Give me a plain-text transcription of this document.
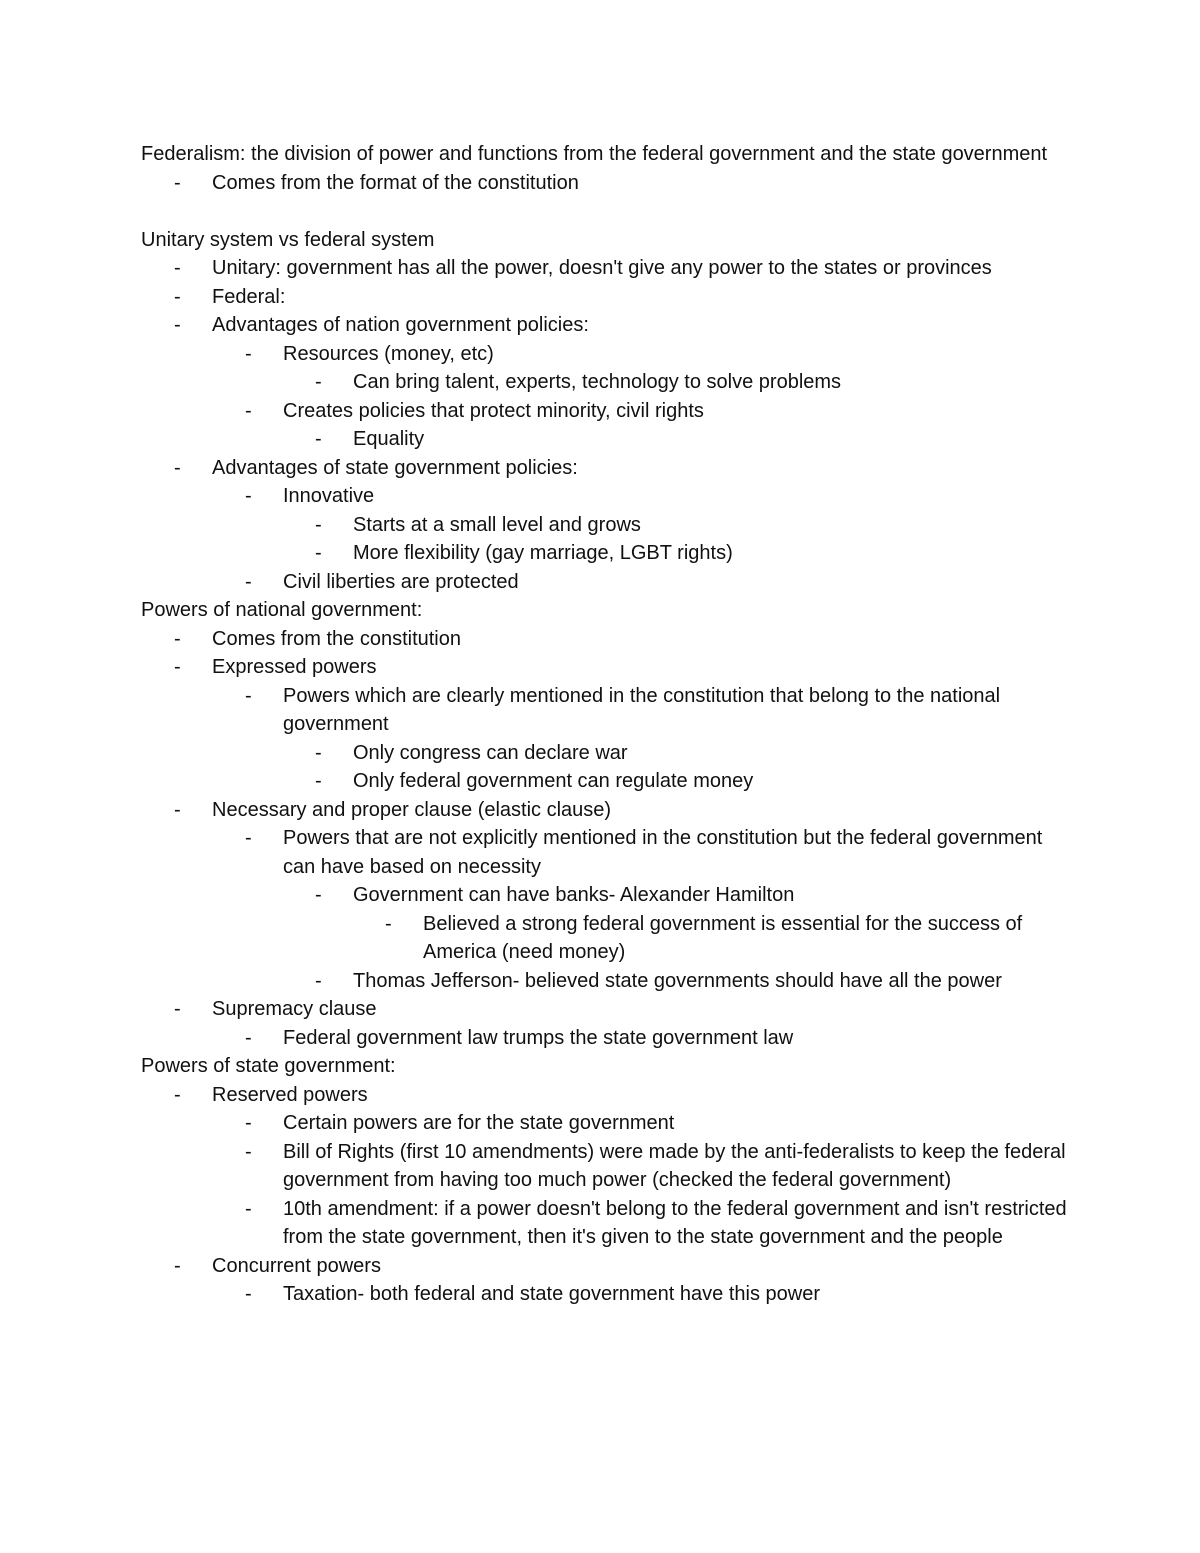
Federalism: the division of power and functions from the federal government and the state government

- Comes from the format of the constitution

Unitary system vs federal system

- Unitary: government has all the power, doesn't give any power to the states or provinces
- Federal:
- Advantages of nation government policies:
- Resources (money, etc)
- Can bring talent, experts, technology to solve problems
- Creates policies that protect minority, civil rights
- Equality
- Advantages of state government policies:
- Innovative
- Starts at a small level and grows
- More flexibility (gay marriage, LGBT rights)
- Civil liberties are protected

Powers of national government:

- Comes from the constitution
- Expressed powers
- Powers which are clearly mentioned in the constitution that belong to the national government
- Only congress can declare war
- Only federal government can regulate money
- Necessary and proper clause (elastic clause)
- Powers that are not explicitly mentioned in the constitution but the federal government can have based on necessity
- Government can have banks- Alexander Hamilton
- Believed a strong federal government is essential for the success of America (need money)
- Thomas Jefferson- believed state governments should have all the power
- Supremacy clause
- Federal government law trumps the state government law

Powers of state government:

- Reserved powers
- Certain powers are for the state government
- Bill of Rights (first 10 amendments) were made by the anti-federalists to keep the federal government from having too much power (checked the federal government)
- 10th amendment: if a power doesn't belong to the federal government and isn't restricted from the state government, then it's given to the state government and the people
- Concurrent powers
- Taxation- both federal and state government have this power
